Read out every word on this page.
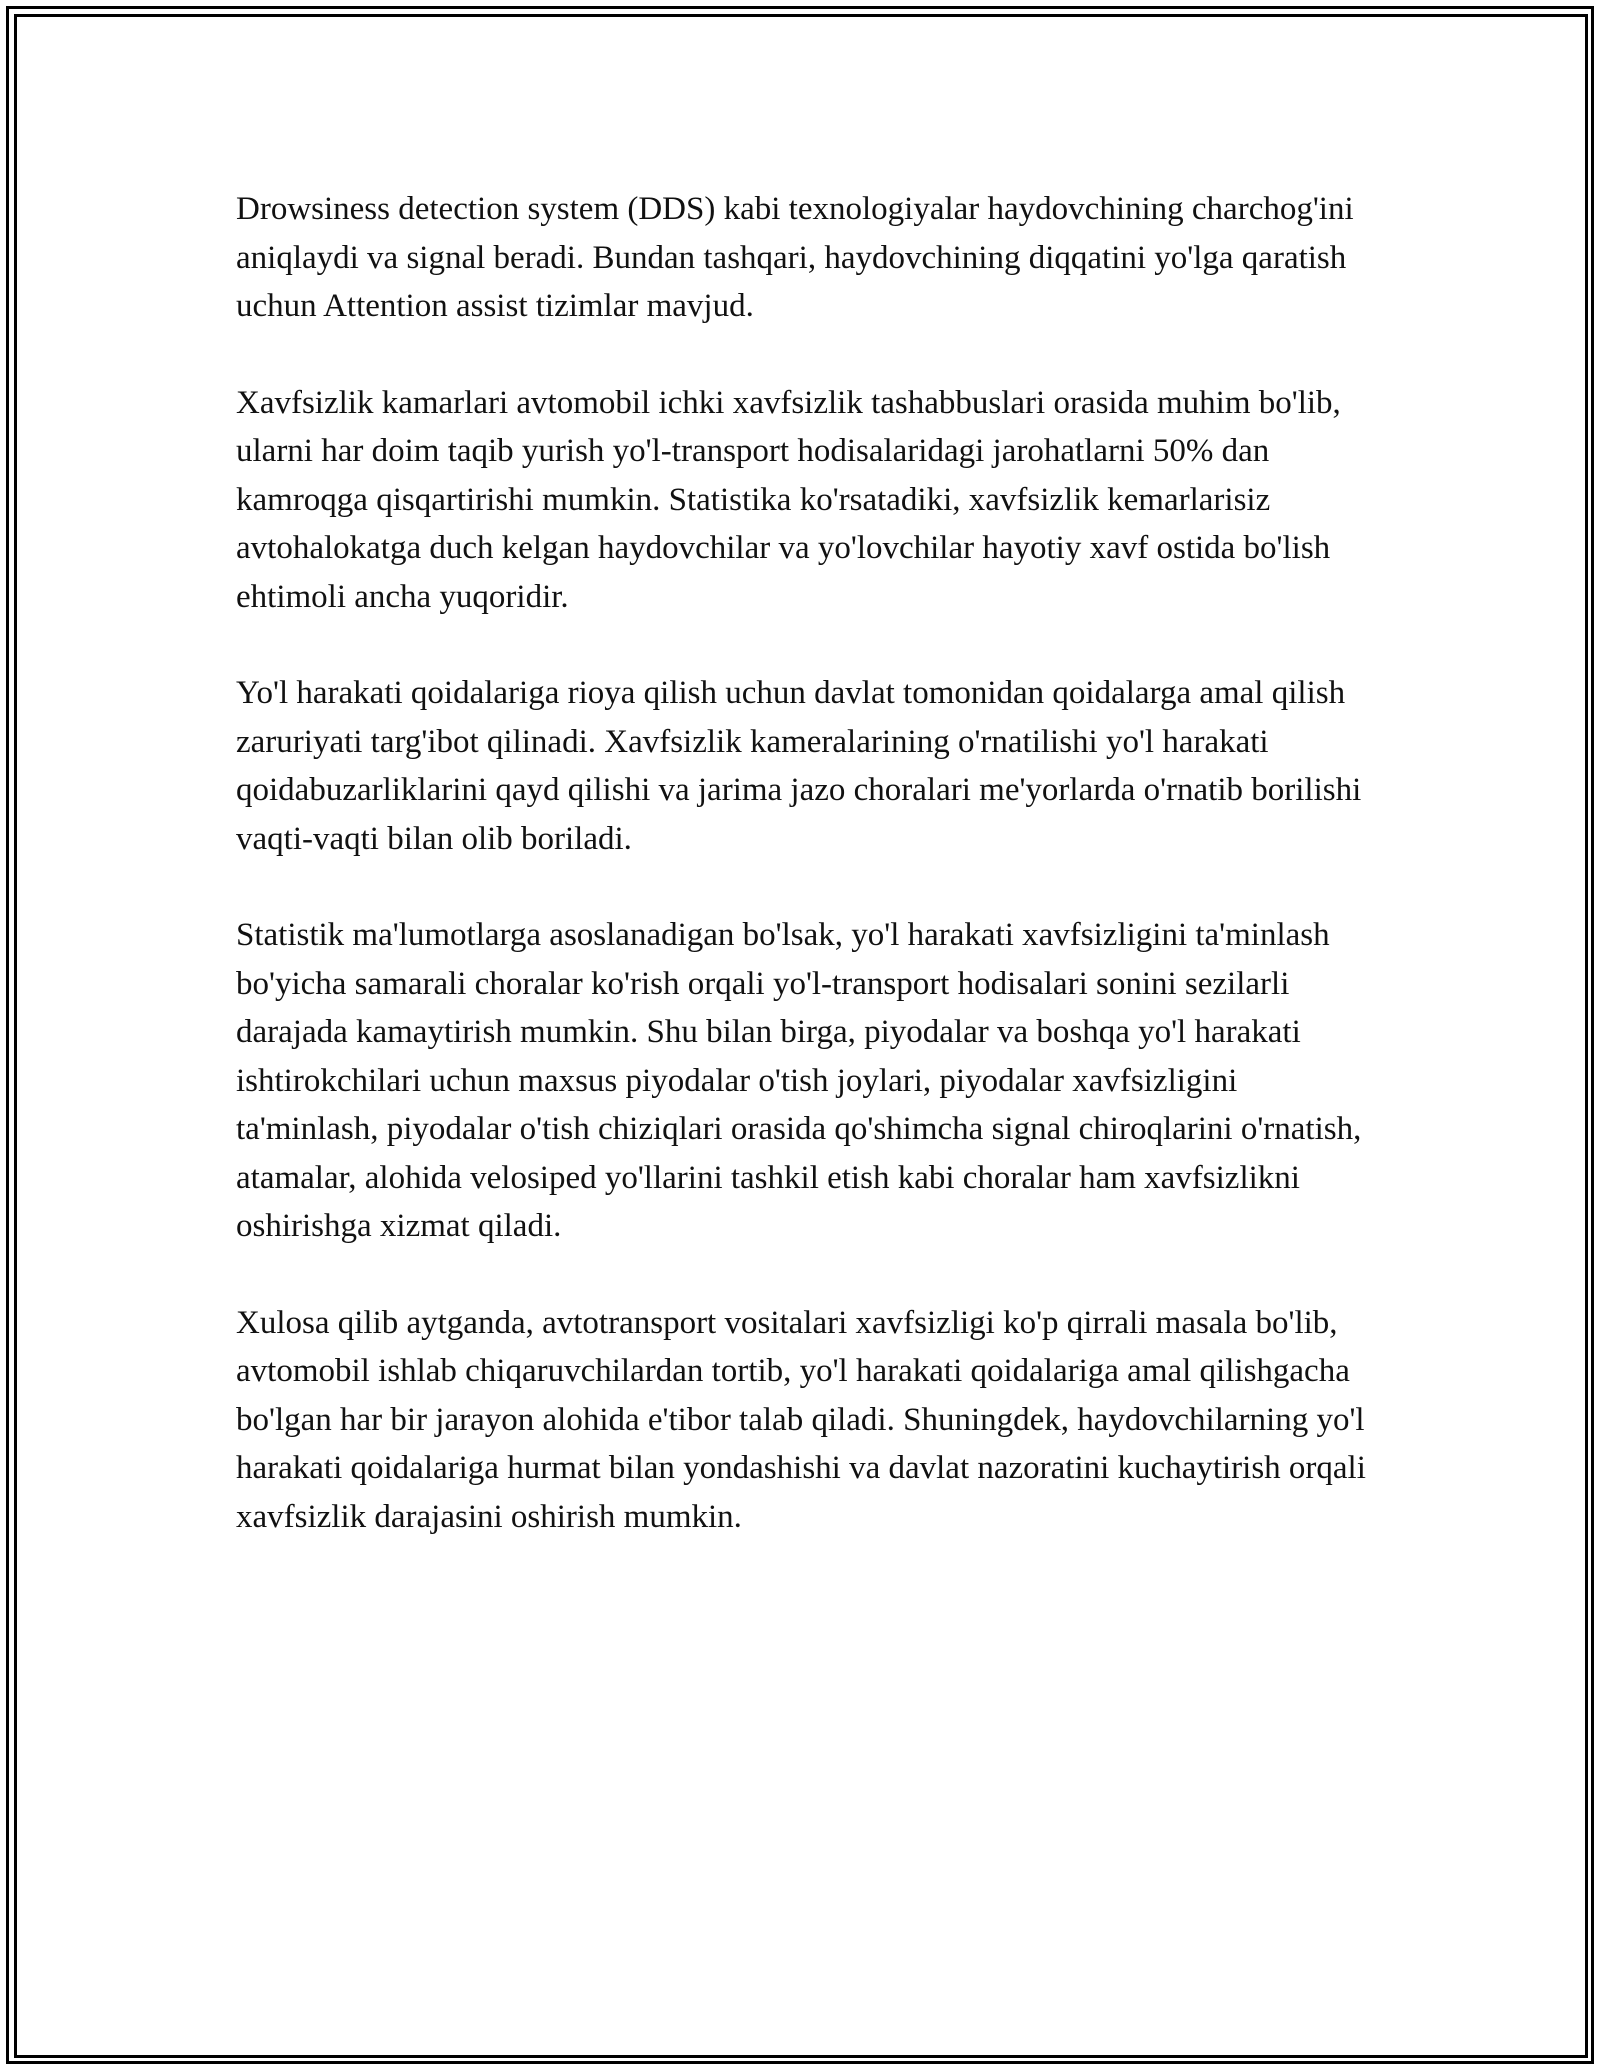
Drowsiness detection system (DDS) kabi texnologiyalar haydovchining charchog'ini aniqlaydi va signal beradi. Bundan tashqari, haydovchining diqqatini yo'lga qaratish uchun Attention assist tizimlar mavjud.

Xavfsizlik kamarlari avtomobil ichki xavfsizlik tashabbuslari orasida muhim bo'lib, ularni har doim taqib yurish yo'l-transport hodisalaridagi jarohatlarni 50% dan kamroqga qisqartirishi mumkin. Statistika ko'rsatadiki, xavfsizlik kemarlarisiz avtohalokatga duch kelgan haydovchilar va yo'lovchilar hayotiy xavf ostida bo'lish ehtimoli ancha yuqoridir.

Yo'l harakati qoidalariga rioya qilish uchun davlat tomonidan qoidalarga amal qilish zaruriyati targ'ibot qilinadi. Xavfsizlik kameralarining o'rnatilishi yo'l harakati qoidabuzarliklarini qayd qilishi va jarima jazo choralari me'yorlarda o'rnatib borilishi vaqti-vaqti bilan olib boriladi.

Statistik ma'lumotlarga asoslanadigan bo'lsak, yo'l harakati xavfsizligini ta'minlash bo'yicha samarali choralar ko'rish orqali yo'l-transport hodisalari sonini sezilarli darajada kamaytirish mumkin. Shu bilan birga, piyodalar va boshqa yo'l harakati ishtirokchilari uchun maxsus piyodalar o'tish joylari, piyodalar xavfsizligini ta'minlash, piyodalar o'tish chiziqlari orasida qo'shimcha signal chiroqlarini o'rnatish, atamalar, alohida velosiped yo'llarini tashkil etish kabi choralar ham xavfsizlikni oshirishga xizmat qiladi.

Xulosa qilib aytganda, avtotransport vositalari xavfsizligi ko'p qirrali masala bo'lib, avtomobil ishlab chiqaruvchilardan tortib, yo'l harakati qoidalariga amal qilishgacha bo'lgan har bir jarayon alohida e'tibor talab qiladi. Shuningdek, haydovchilarning yo'l harakati qoidalariga hurmat bilan yondashishi va davlat nazoratini kuchaytirish orqali xavfsizlik darajasini oshirish mumkin.
